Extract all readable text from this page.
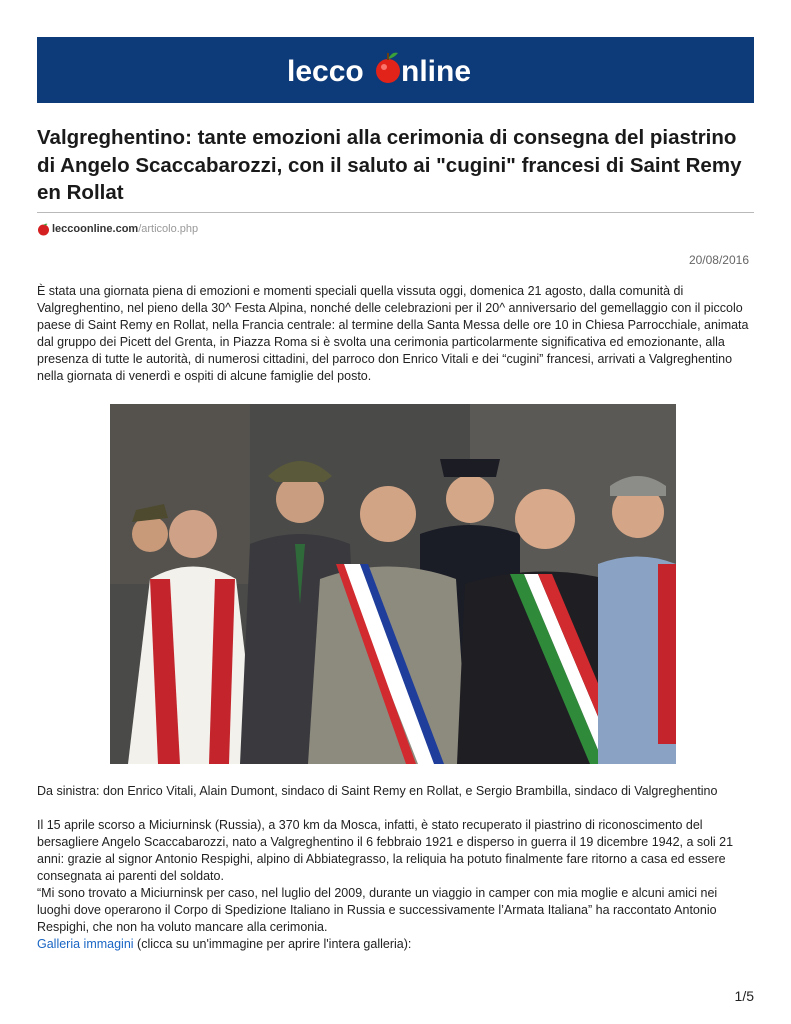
lecco nline
Valgreghentino: tante emozioni alla cerimonia di consegna del piastrino di Angelo Scaccabarozzi, con il saluto ai "cugini" francesi di Saint Remy en Rollat
leccoonline.com/articolo.php
20/08/2016

È stata una giornata piena di emozioni e momenti speciali quella vissuta oggi, domenica 21 agosto, dalla comunità di Valgreghentino, nel pieno della 30^ Festa Alpina, nonché delle celebrazioni per il 20^ anniversario del gemellaggio con il piccolo paese di Saint Remy en Rollat, nella Francia centrale: al termine della Santa Messa delle ore 10 in Chiesa Parrocchiale, animata dal gruppo dei Picett del Grenta, in Piazza Roma si è svolta una cerimonia particolarmente significativa ed emozionante, alla presenza di tutte le autorità, di numerosi cittadini, del parroco don Enrico Vitali e dei “cugini” francesi, arrivati a Valgreghentino nella giornata di venerdì e ospiti di alcune famiglie del posto.

Da sinistra: don Enrico Vitali, Alain Dumont, sindaco di Saint Remy en Rollat, e Sergio Brambilla, sindaco di Valgreghentino

Il 15 aprile scorso a Miciurninsk (Russia), a 370 km da Mosca, infatti, è stato recuperato il piastrino di riconoscimento del bersagliere Angelo Scaccabarozzi, nato a Valgreghentino il 6 febbraio 1921 e disperso in guerra il 19 dicembre 1942, a soli 21 anni: grazie al signor Antonio Respighi, alpino di Abbiategrasso, la reliquia ha potuto finalmente fare ritorno a casa ed essere consegnata ai parenti del soldato.
“Mi sono trovato a Miciurninsk per caso, nel luglio del 2009, durante un viaggio in camper con mia moglie e alcuni amici nei luoghi dove operarono il Corpo di Spedizione Italiano in Russia e successivamente l’Armata Italiana” ha raccontato Antonio Respighi, che non ha voluto mancare alla cerimonia.
Galleria immagini (clicca su un'immagine per aprire l'intera galleria):
1/5
